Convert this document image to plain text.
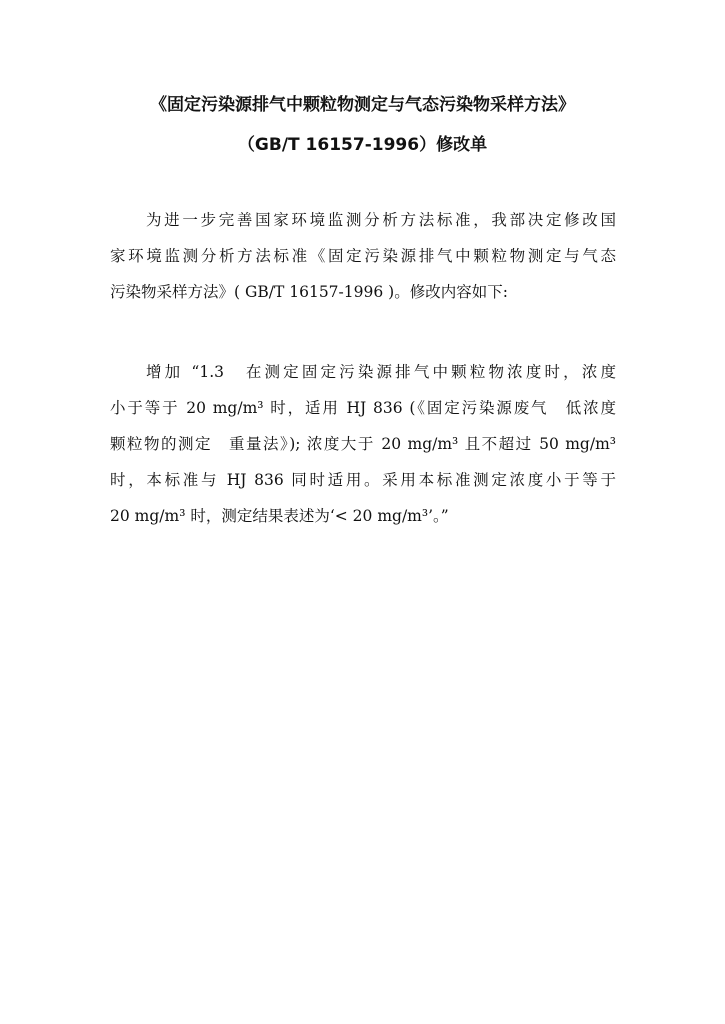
《固定污染源排气中颗粒物测定与气态污染物采样方法》
（GB/T 16157-1996）修改单
为进一步完善国家环境监测分析方法标准，我部决定修改国
家环境监测分析方法标准《固定污染源排气中颗粒物测定与气态
污染物采样方法》( GB/T 16157-1996 )。修改内容如下:
增加 “1.3　在测定固定污染源排气中颗粒物浓度时，浓度
小于等于 20 mg/m³ 时，适用 HJ 836 (《固定污染源废气　低浓度
颗粒物的测定　重量法》); 浓度大于 20 mg/m³ 且不超过 50 mg/m³
时，本标准与 HJ 836 同时适用。采用本标准测定浓度小于等于
20 mg/m³ 时，测定结果表述为‘< 20 mg/m³’。”
